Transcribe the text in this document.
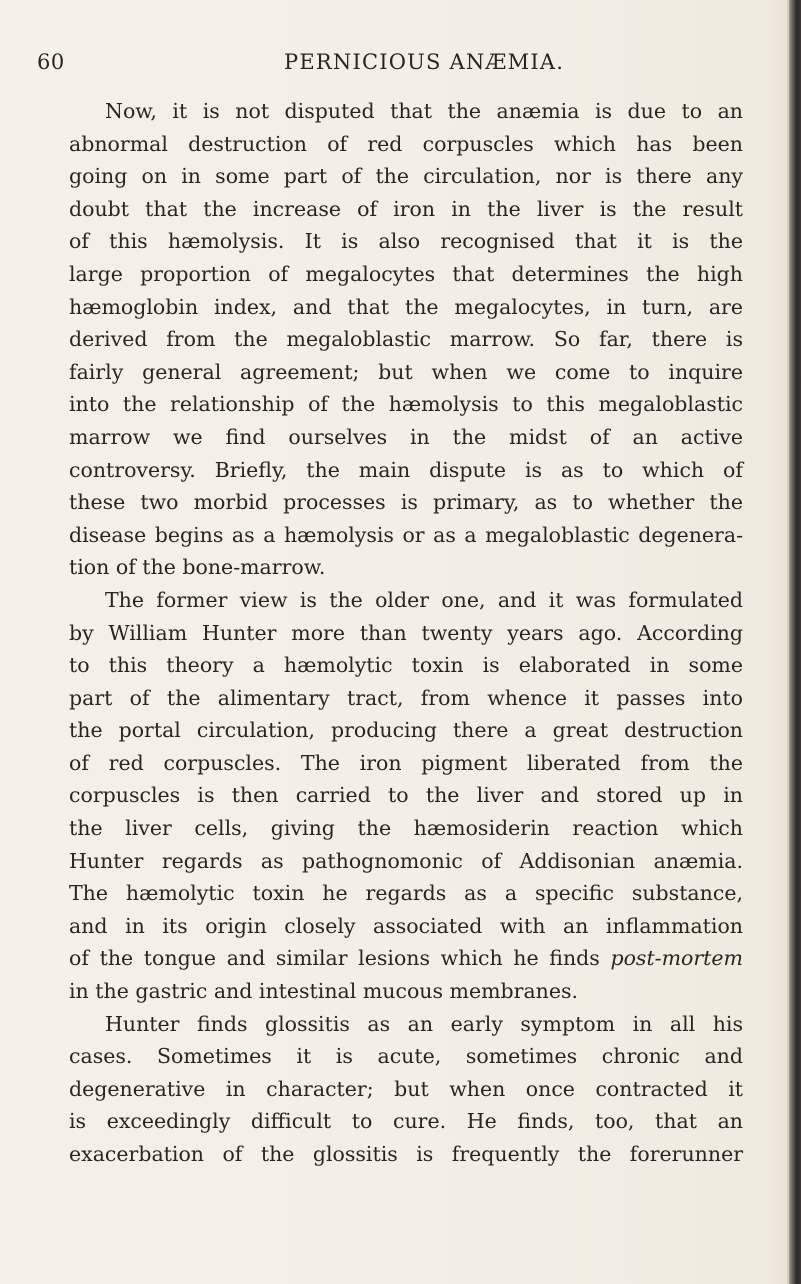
60	PERNICIOUS ANÆMIA.
Now, it is not disputed that the anæmia is due to an
abnormal destruction of red corpuscles which has been
going on in some part of the circulation, nor is there any
doubt that the increase of iron in the liver is the result
of this hæmolysis. It is also recognised that it is the
large proportion of megalocytes that determines the high
hæmoglobin index, and that the megalocytes, in turn, are
derived from the megaloblastic marrow. So far, there is
fairly general agreement; but when we come to inquire
into the relationship of the hæmolysis to this megaloblastic
marrow we find ourselves in the midst of an active
controversy. Briefly, the main dispute is as to which of
these two morbid processes is primary, as to whether the
disease begins as a hæmolysis or as a megaloblastic degenera-
tion of the bone-marrow.
The former view is the older one, and it was formulated
by William Hunter more than twenty years ago. According
to this theory a hæmolytic toxin is elaborated in some
part of the alimentary tract, from whence it passes into
the portal circulation, producing there a great destruction
of red corpuscles. The iron pigment liberated from the
corpuscles is then carried to the liver and stored up in
the liver cells, giving the hæmosiderin reaction which
Hunter regards as pathognomonic of Addisonian anæmia.
The hæmolytic toxin he regards as a specific substance,
and in its origin closely associated with an inflammation
of the tongue and similar lesions which he finds post-mortem
in the gastric and intestinal mucous membranes.
Hunter finds glossitis as an early symptom in all his
cases. Sometimes it is acute, sometimes chronic and
degenerative in character; but when once contracted it
is exceedingly difficult to cure. He finds, too, that an
exacerbation of the glossitis is frequently the forerunner
